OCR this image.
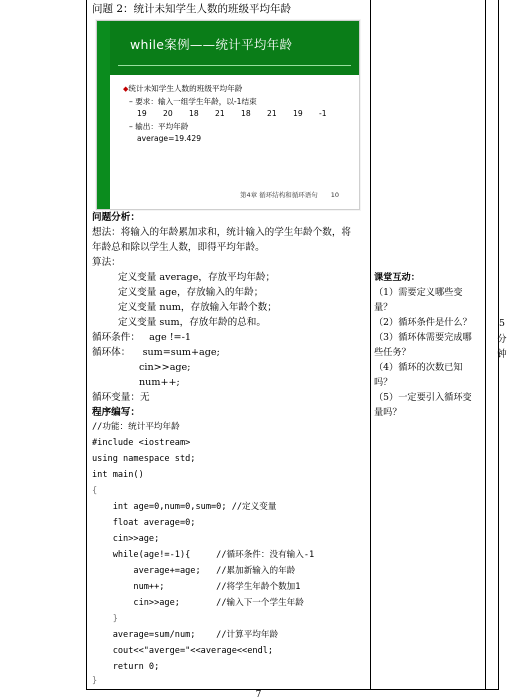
问题 2：统计未知学生人数的班级平均年龄
while案例——统计平均年龄
◆统计未知学生人数的班级平均年龄
– 要求：输入一组学生年龄，以-1结束
19 20 18 21 18 21 19 -1
– 输出：平均年龄
average=19.429
第4章 循环结构和循环语句　　10
问题分析：
想法：将输入的年龄累加求和，统计输入的学生年龄个数，将
年龄总和除以学生人数，即得平均年龄。
算法：
定义变量 average，存放平均年龄；
定义变量 age，存放输入的年龄；
定义变量 num，存放输入年龄个数；
定义变量 sum，存放年龄的总和。
循环条件：   age !=-1
循环体：    sum=sum+age;
cin>>age;
num++;
循环变量：无
程序编写：
//功能：统计平均年龄
#include <iostream>
using namespace std;
int main()
{
int age=0,num=0,sum=0; //定义变量
float average=0;
cin>>age;
while(age!=-1){     //循环条件：没有输入-1
average+=age;   //累加新输入的年龄
num++;          //将学生年龄个数加1
cin>>age;       //输入下一个学生年龄
}
average=sum/num;    //计算平均年龄
cout<<"averge="<<average<<endl;
return 0;
}

课堂互动：

（1）需要定义哪些变

量？

（2）循环条件是什么？

（3）循环体需要完成哪

些任务？

（4）循环的次数已知

吗？

（5）一定要引入循环变

量吗？

5
分
钟
7
